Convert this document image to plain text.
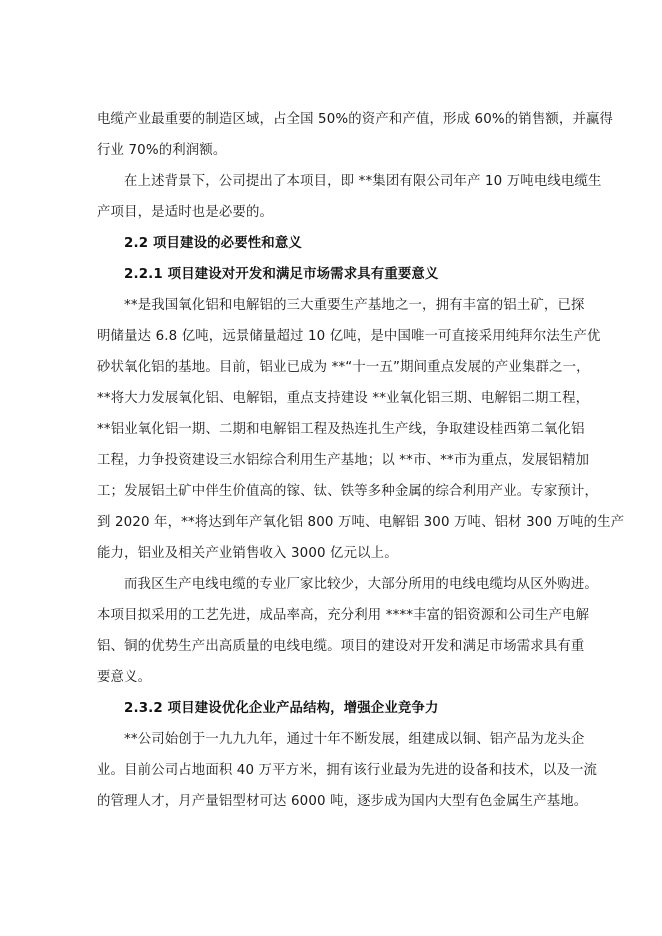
电缆产业最重要的制造区域，占全国 50%的资产和产值，形成 60%的销售额，并赢得
行业 70%的利润额。
在上述背景下，公司提出了本项目，即 **集团有限公司年产 10 万吨电线电缆生
产项目，是适时也是必要的。
2.2 项目建设的必要性和意义
2.2.1 项目建设对开发和满足市场需求具有重要意义
**是我国氧化铝和电解铝的三大重要生产基地之一，拥有丰富的铝土矿，已探
明储量达 6.8 亿吨，远景储量超过 10 亿吨，是中国唯一可直接采用纯拜尔法生产优
砂状氧化铝的基地。目前，铝业已成为 **“十一五”期间重点发展的产业集群之一，
**将大力发展氧化铝、电解铝，重点支持建设 **业氧化铝三期、电解铝二期工程，
**铝业氧化铝一期、二期和电解铝工程及热连扎生产线，争取建设桂西第二氧化铝
工程，力争投资建设三水铝综合利用生产基地；以 **市、**市为重点，发展铝精加
工；发展铝土矿中伴生价值高的镓、钛、铁等多种金属的综合利用产业。专家预计，
到 2020 年，**将达到年产氧化铝 800 万吨、电解铝 300 万吨、铝材 300 万吨的生产
能力，铝业及相关产业销售收入 3000 亿元以上。
而我区生产电线电缆的专业厂家比较少，大部分所用的电线电缆均从区外购进。
本项目拟采用的工艺先进，成品率高，充分利用 ****丰富的铝资源和公司生产电解
铝、铜的优势生产出高质量的电线电缆。项目的建设对开发和满足市场需求具有重
要意义。
2.3.2 项目建设优化企业产品结构，增强企业竞争力
**公司始创于一九九九年，通过十年不断发展，组建成以铜、铝产品为龙头企
业。目前公司占地面积 40 万平方米，拥有该行业最为先进的设备和技术，以及一流
的管理人才，月产量铝型材可达 6000 吨，逐步成为国内大型有色金属生产基地。
